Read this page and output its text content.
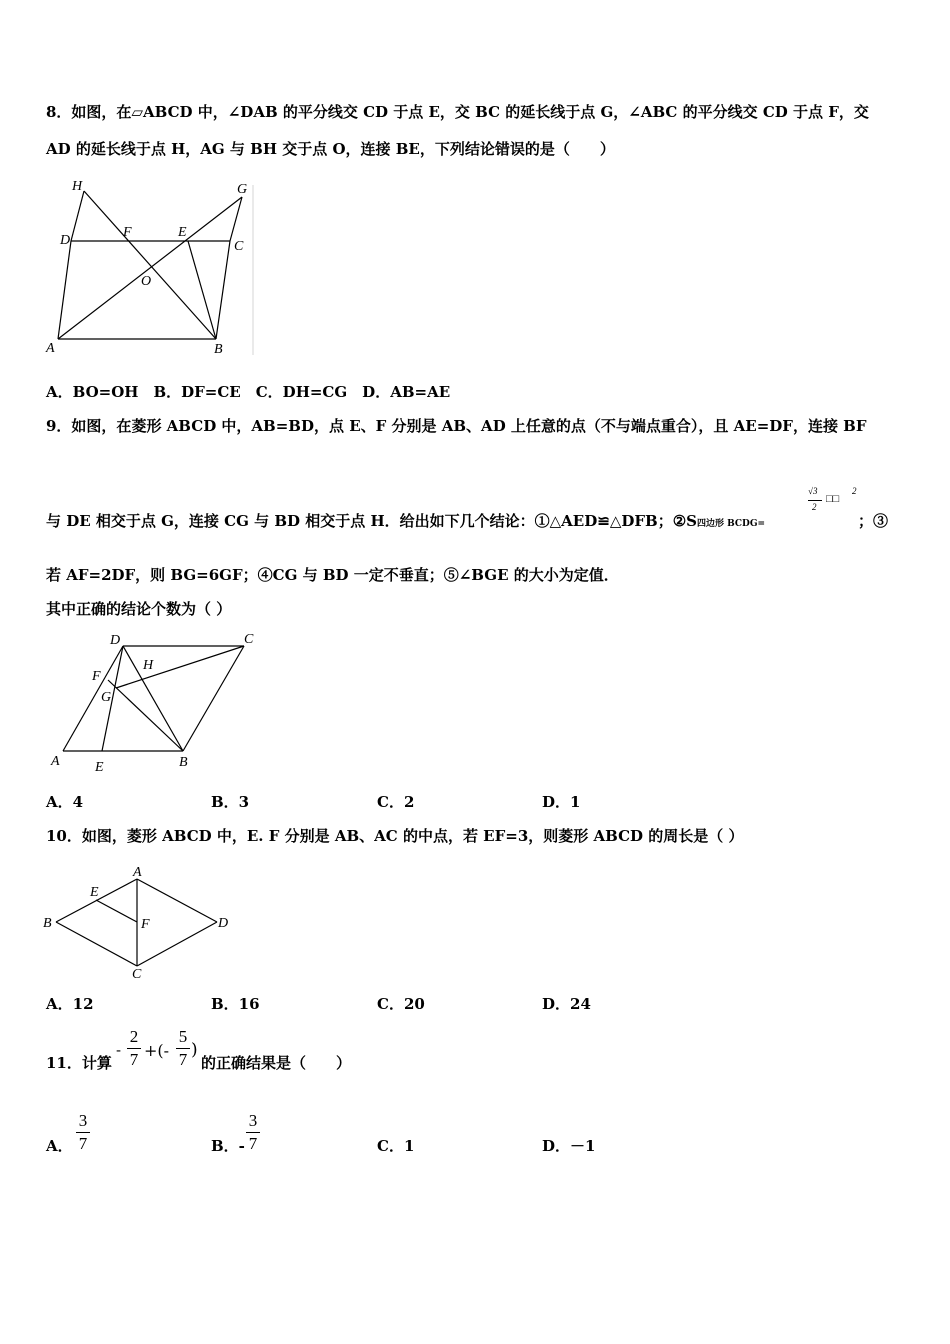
8．如图，在▱ABCD 中，∠DAB 的平分线交 CD 于点 E，交 BC 的延长线于点 G，∠ABC 的平分线交 CD 于点 F，交
AD 的延长线于点 H，AG 与 BH 交于点 O，连接 BE，下列结论错误的是（　　）
H	G
D
F	E
C
O
A	B
A．BO=OH　B．DF=CE　C．DH=CG　D．AB=AE
9．如图，在菱形 ABCD 中，AB=BD，点 E、F 分别是 AB、AD 上任意的点（不与端点重合），且 AE=DF，连接 BF
与 DE 相交于点 G，连接 CG 与 BD 相交于点 H．给出如下几个结论：①△AED≌△DFB；②S四边形 BCDG=
√3
2
□□
2
；③
若 AF=2DF，则 BG=6GF；④CG 与 BD 一定不垂直；⑤∠BGE 的大小为定值．
其中正确的结论个数为（ ）
D	C
H
F
G
A	E	B
A．4	B．3	C．2	D．1
10．如图，菱形 ABCD 中，E. F 分别是 AB、AC 的中点，若 EF=3，则菱形 ABCD 的周长是（ ）
A
E
B	F	D
C
A．12	B．16	C．20	D．24
11．计算
-
2
7 +(-
5
7 )
的正确结果是（　　）
A．
3
7	B．-
3
7	C．1	D．－1
